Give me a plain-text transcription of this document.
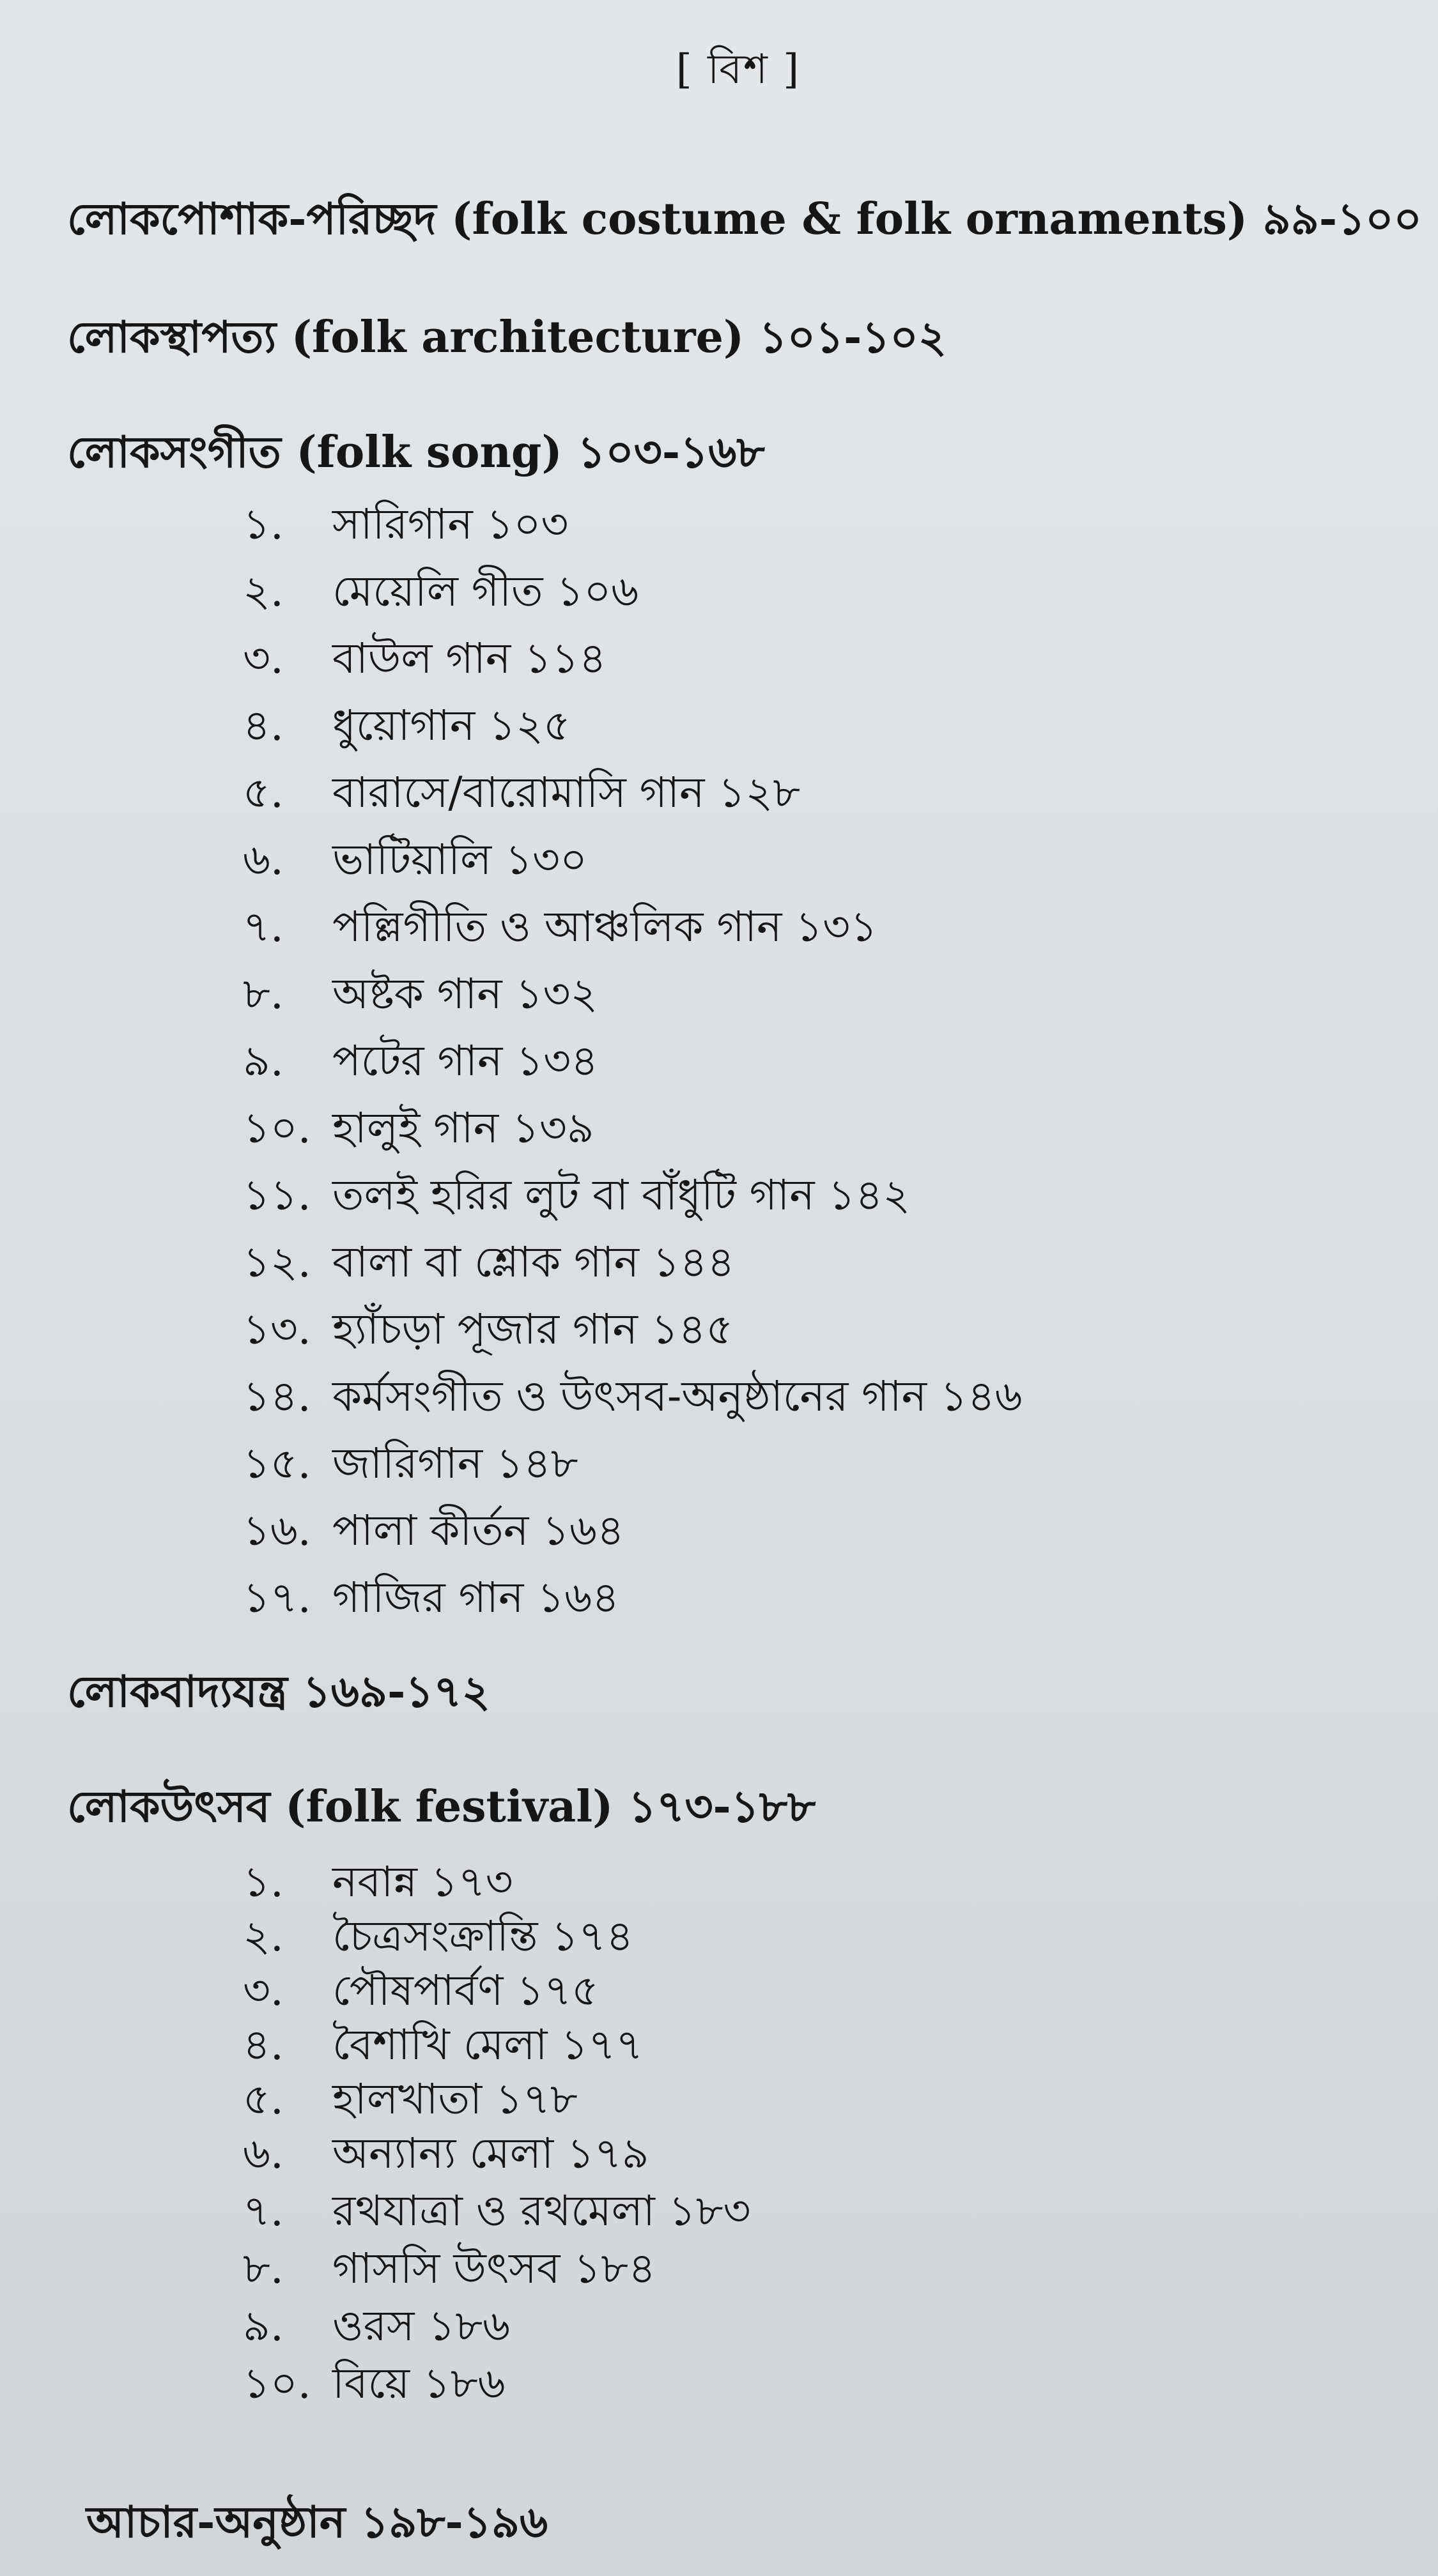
[ বিশ ]
লোকপোশাক-পরিচ্ছদ (folk costume & folk ornaments) ৯৯-১০০
লোকস্থাপত্য (folk architecture) ১০১-১০২
লোকসংগীত (folk song) ১০৩-১৬৮
১.	সারিগান ১০৩
২.	মেয়েলি গীত ১০৬
৩.	বাউল গান ১১৪
৪.	ধুয়োগান ১২৫
৫.	বারাসে/বারোমাসি গান ১২৮
৬.	ভাটিয়ালি ১৩০
৭.	পল্লিগীতি ও আঞ্চলিক গান ১৩১
৮.	অষ্টক গান ১৩২
৯.	পটের গান ১৩৪
১০. হালুই গান ১৩৯
১১. তলই হরির লুট বা বাঁধুটি গান ১৪২
১২. বালা বা শ্লোক গান ১৪৪
১৩. হ্যাঁচড়া পূজার গান ১৪৫
১৪. কর্মসংগীত ও উৎসব-অনুষ্ঠানের গান ১৪৬
১৫. জারিগান ১৪৮
১৬. পালা কীর্তন ১৬৪
১৭. গাজির গান ১৬৪
লোকবাদ্যযন্ত্র ১৬৯-১৭২
লোকউৎসব (folk festival) ১৭৩-১৮৮
১.	নবান্ন ১৭৩
২.	চৈত্রসংক্রান্তি ১৭৪
৩.	পৌষপার্বণ ১৭৫
৪.	বৈশাখি মেলা ১৭৭
৫.	হালখাতা ১৭৮
৬.	অন্যান্য মেলা ১৭৯
৭.	রথযাত্রা ও রথমেলা ১৮৩
৮.	গাসসি উৎসব ১৮৪
৯.	ওরস ১৮৬
১০. বিয়ে ১৮৬
আচার-অনুষ্ঠান ১৯৮-১৯৬
